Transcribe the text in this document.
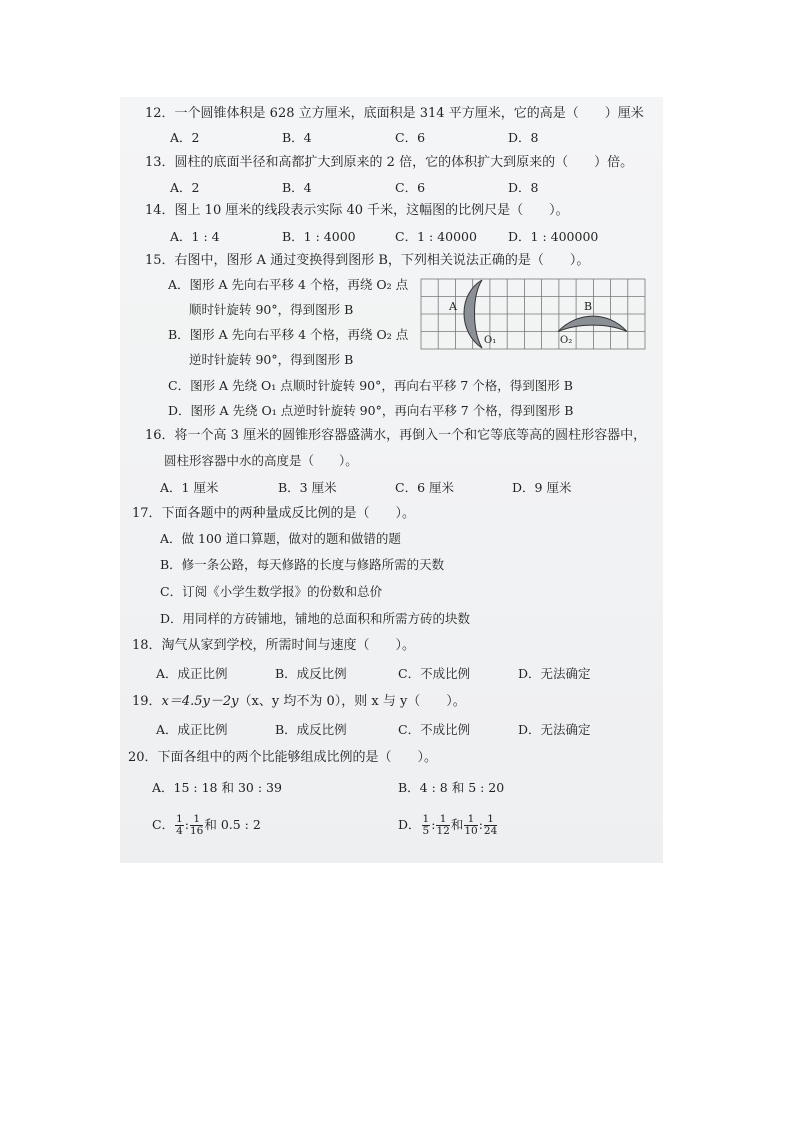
12．一个圆锥体积是 628 立方厘米，底面积是 314 平方厘米，它的高是（　　）厘米
A．2	B．4	C．6	D．8
13．圆柱的底面半径和高都扩大到原来的 2 倍，它的体积扩大到原来的（　　）倍。
A．2	B．4	C．6	D．8
14．图上 10 厘米的线段表示实际 40 千米，这幅图的比例尺是（　　）。
A．1 : 4	B．1 : 4000	C．1 : 40000 D．1 : 400000
15．右图中，图形 A 通过变换得到图形 B，下列相关说法正确的是（　　）。
A．图形 A 先向右平移 4 个格，再绕 O₂ 点
顺时针旋转 90°，得到图形 B
B．图形 A 先向右平移 4 个格，再绕 O₂ 点
逆时针旋转 90°，得到图形 B
A	B
O₁	O₂
C．图形 A 先绕 O₁ 点顺时针旋转 90°，再向右平移 7 个格，得到图形 B
D．图形 A 先绕 O₁ 点逆时针旋转 90°，再向右平移 7 个格，得到图形 B
16．将一个高 3 厘米的圆锥形容器盛满水，再倒入一个和它等底等高的圆柱形容器中，
圆柱形容器中水的高度是（　　）。
A．1 厘米	B．3 厘米	C．6 厘米	D．9 厘米
17．下面各题中的两种量成反比例的是（　　）。
A．做 100 道口算题，做对的题和做错的题
B．修一条公路，每天修路的长度与修路所需的天数
C．订阅《小学生数学报》的份数和总价
D．用同样的方砖铺地，铺地的总面积和所需方砖的块数
18．淘气从家到学校，所需时间与速度（　　）。
A．成正比例	B．成反比例	C．不成比例	D．无法确定
19．x＝4.5y－2y（x、y 均不为 0），则 x 与 y（　　）。
A．成正比例	B．成反比例	C．不成比例	D．无法确定
20．下面各组中的两个比能够组成比例的是（　　）。
A．15 : 18 和 30 : 39	B．4 : 8 和 5 : 20
C． $\frac{1}{4}$ : $\frac{1}{16}$ 和 0.5 : 2	D． $\frac{1}{5}$ : $\frac{1}{12}$ 和 $\frac{1}{10}$ : $\frac{1}{24}$
